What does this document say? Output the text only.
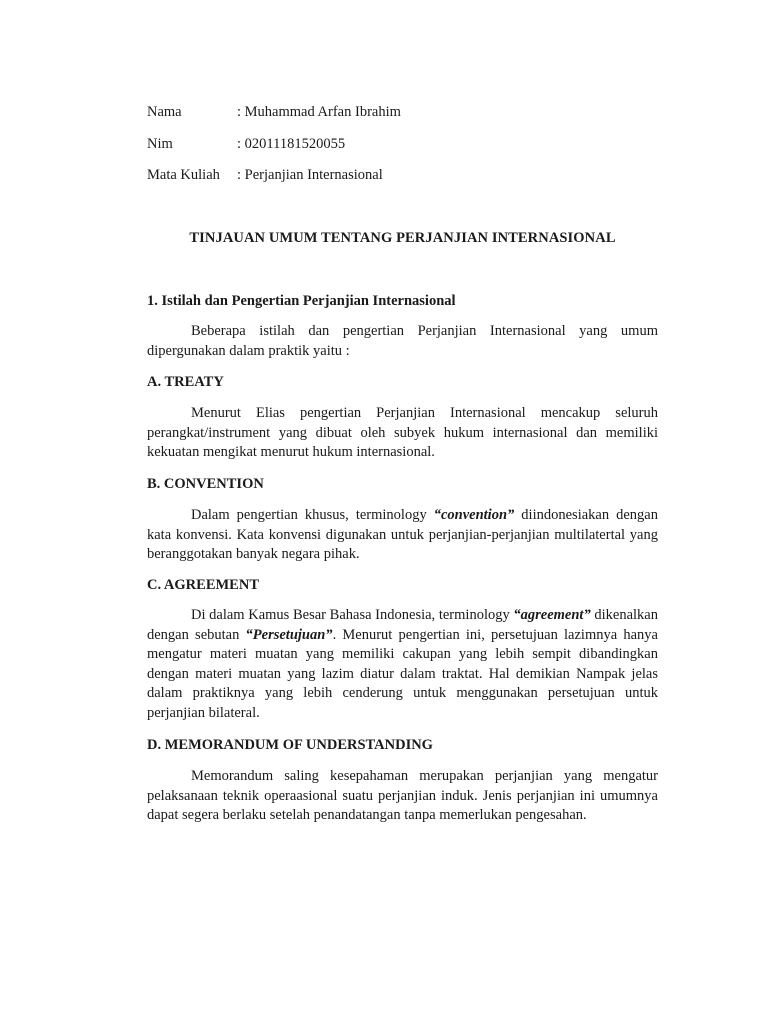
Nama	: Muhammad Arfan Ibrahim
Nim	: 02011181520055
Mata Kuliah : Perjanjian Internasional
TINJAUAN UMUM TENTANG PERJANJIAN INTERNASIONAL
1. Istilah dan Pengertian Perjanjian Internasional
Beberapa istilah dan pengertian Perjanjian Internasional yang umum dipergunakan dalam praktik yaitu :
A. TREATY
Menurut Elias pengertian Perjanjian Internasional mencakup seluruh perangkat/instrument yang dibuat oleh subyek hukum internasional dan memiliki kekuatan mengikat menurut hukum internasional.
B. CONVENTION
Dalam pengertian khusus, terminology “convention” diindonesiakan dengan kata konvensi. Kata konvensi digunakan untuk perjanjian-perjanjian multilatertal yang beranggotakan banyak negara pihak.
C. AGREEMENT
Di dalam Kamus Besar Bahasa Indonesia, terminology “agreement” dikenalkan dengan sebutan “Persetujuan”. Menurut pengertian ini, persetujuan lazimnya hanya mengatur materi muatan yang memiliki cakupan yang lebih sempit dibandingkan dengan materi muatan yang lazim diatur dalam traktat. Hal demikian Nampak jelas dalam praktiknya yang lebih cenderung untuk menggunakan persetujuan untuk perjanjian bilateral.
D. MEMORANDUM OF UNDERSTANDING
Memorandum saling kesepahaman merupakan perjanjian yang mengatur pelaksanaan teknik operaasional suatu perjanjian induk. Jenis perjanjian ini umumnya dapat segera berlaku setelah penandatangan tanpa memerlukan pengesahan.
